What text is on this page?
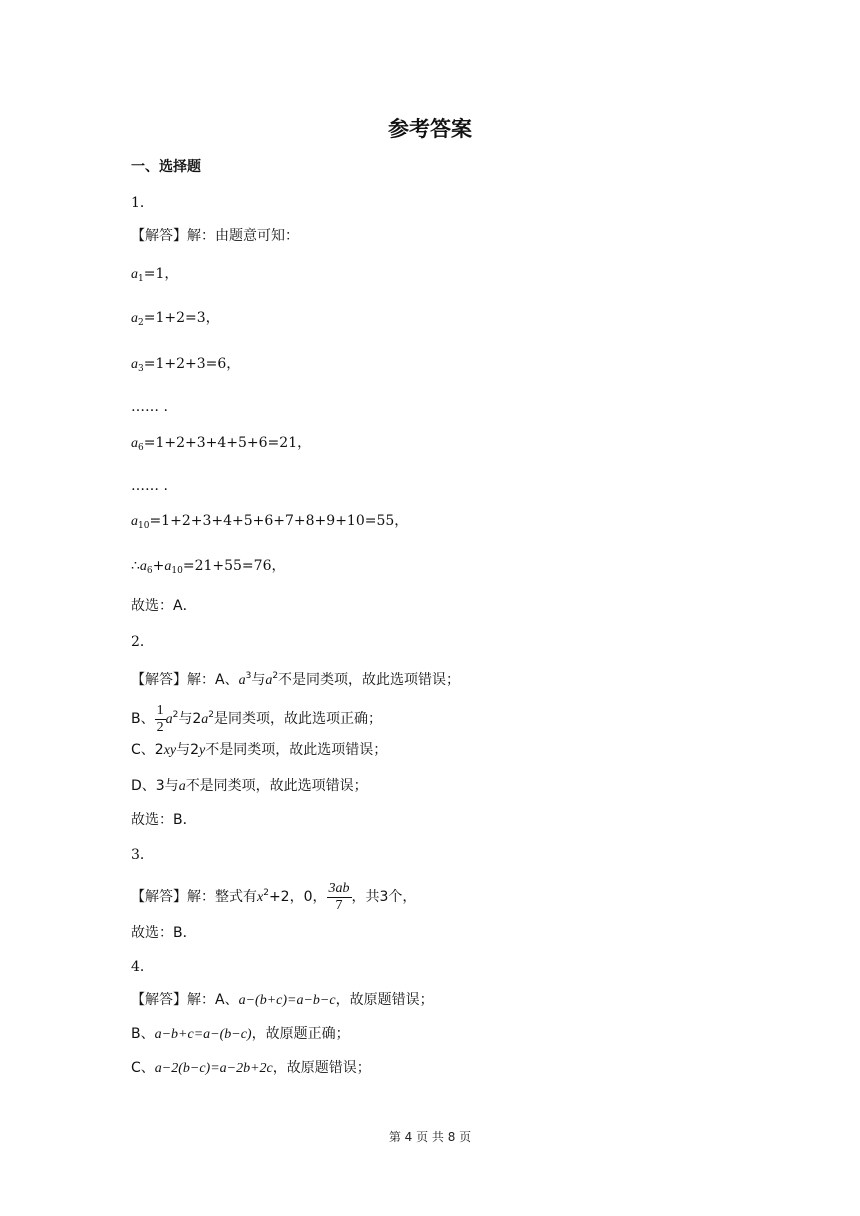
参考答案
一、选择题
1．
【解答】解：由题意可知：
$a_1=1$，
$a_2=1+2=3$，
$a_3=1+2+3=6$，
…… .
$a_6=1+2+3+4+5+6=21$，
…… .
$a_{10}=1+2+3+4+5+6+7+8+9+10=55$，
$\therefore a_6+a_{10}=21+55=76$，
故选：A．
2．
【解答】解：A、$a^3$与$a^2$不是同类项，故此选项错误；
B、 $\frac{1}{2} a^2$与$2a^2$是同类项，故此选项正确；
C、2xy与2y不是同类项，故此选项错误；
D、3与a不是同类项，故此选项错误；
故选：B．
3．
【解答】解：整式有$x^2+2$，0， $\frac{3ab}{7}$ ，共3个，
故选：B．
4．
【解答】解：A、a−(b+c)=a−b−c，故原题错误；
B、a−b+c=a−(b−c)，故原题正确；
C、a−2(b−c)=a−2b+2c，故原题错误；
第 4 页 共 8 页
